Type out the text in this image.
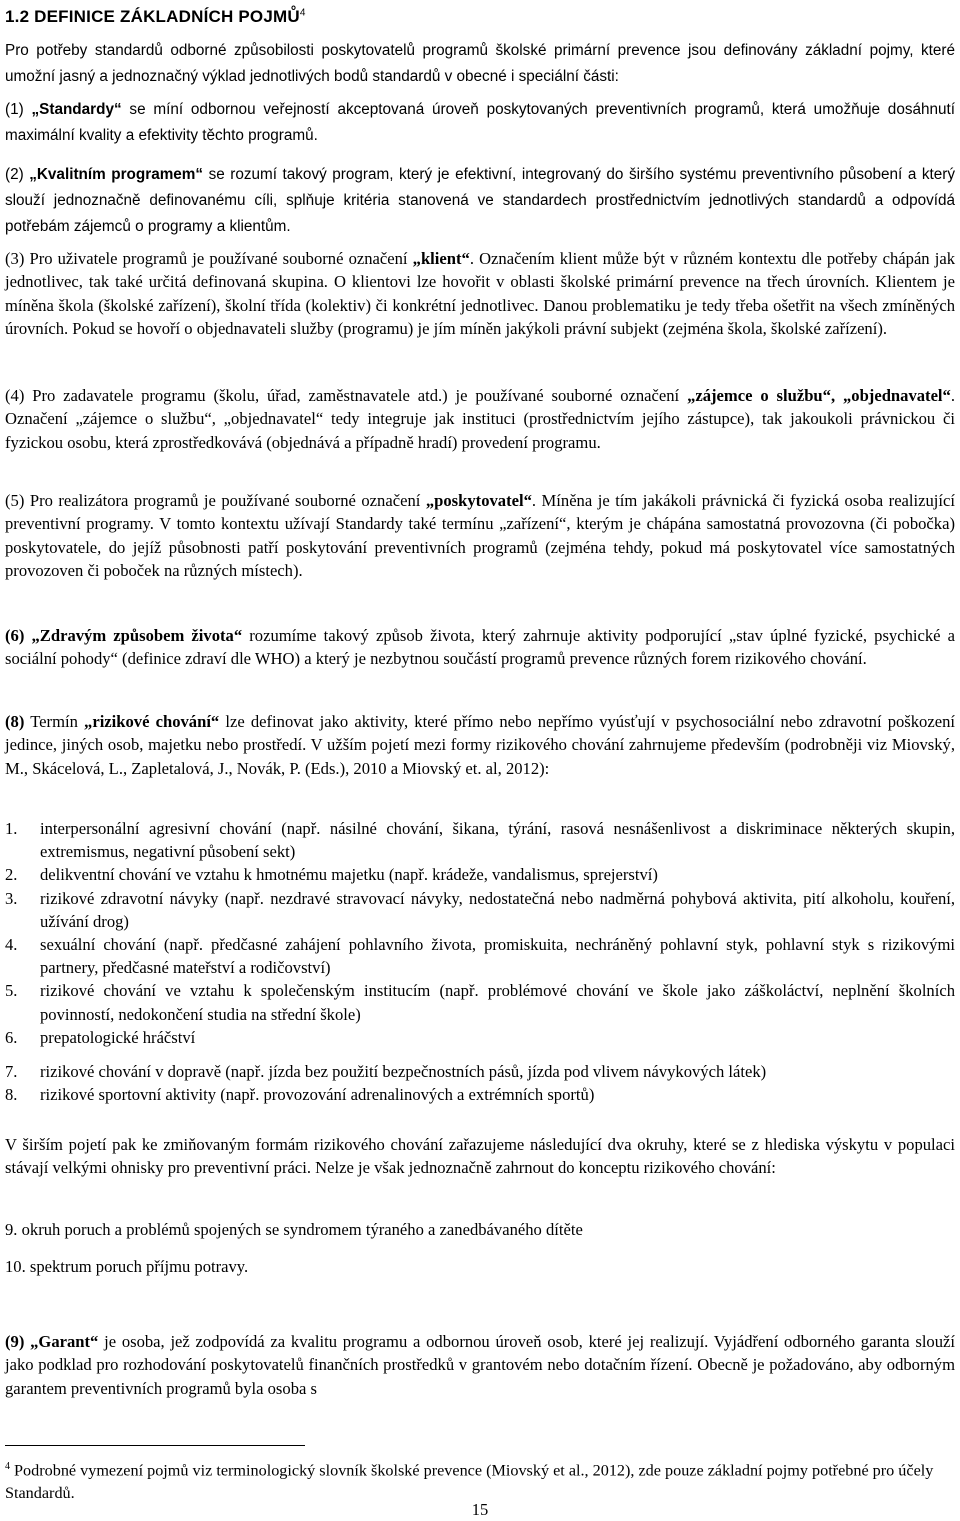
1.2 DEFINICE ZÁKLADNÍCH POJMŮ$^4$

Pro potřeby standardů odborné způsobilosti poskytovatelů programů školské primární prevence jsou definovány základní pojmy, které umožní jasný a jednoznačný výklad jednotlivých bodů standardů v obecné i speciální části:

(1) „Standardy“ se míní odbornou veřejností akceptovaná úroveň poskytovaných preventivních programů, která umožňuje dosáhnutí maximální kvality a efektivity těchto programů.

(2) „Kvalitním programem“ se rozumí takový program, který je efektivní, integrovaný do širšího systému preventivního působení a který slouží jednoznačně definovanému cíli, splňuje kritéria stanovená ve standardech prostřednictvím jednotlivých standardů a odpovídá potřebám zájemců o programy a klientům.

(3) Pro uživatele programů je používané souborné označení „klient“. Označením klient může být v různém kontextu dle potřeby chápán jak jednotlivec, tak také určitá definovaná skupina. O klientovi lze hovořit v oblasti školské primární prevence na třech úrovních. Klientem je míněna škola (školské zařízení), školní třída (kolektiv) či konkrétní jednotlivec. Danou problematiku je tedy třeba ošetřit na všech zmíněných úrovních. Pokud se hovoří o objednavateli služby (programu) je jím míněn jakýkoli právní subjekt (zejména škola, školské zařízení).

(4) Pro zadavatele programu (školu, úřad, zaměstnavatele atd.) je používané souborné označení „zájemce o službu“, „objednavatel“. Označení „zájemce o službu“, „objednavatel“ tedy integruje jak instituci (prostřednictvím jejího zástupce), tak jakoukoli právnickou či fyzickou osobu, která zprostředkovává (objednává a případně hradí) provedení programu.

(5) Pro realizátora programů je používané souborné označení „poskytovatel“. Míněna je tím jakákoli právnická či fyzická osoba realizující preventivní programy. V tomto kontextu užívají Standardy také termínu „zařízení“, kterým je chápána samostatná provozovna (či pobočka) poskytovatele, do jejíž působnosti patří poskytování preventivních programů (zejména tehdy, pokud má poskytovatel více samostatných provozoven či poboček na různých místech).

(6) „Zdravým způsobem života“ rozumíme takový způsob života, který zahrnuje aktivity podporující „stav úplné fyzické, psychické a sociální pohody“ (definice zdraví dle WHO) a který je nezbytnou součástí programů prevence různých forem rizikového chování.

(8) Termín „rizikové chování“ lze definovat jako aktivity, které přímo nebo nepřímo vyúsťují v psychosociální nebo zdravotní poškození jedince, jiných osob, majetku nebo prostředí. V užším pojetí mezi formy rizikového chování zahrnujeme především (podrobněji viz Miovský, M., Skácelová, L., Zapletalová, J., Novák, P. (Eds.), 2010 a Miovský et. al, 2012):

1. interpersonální agresivní chování (např. násilné chování, šikana, týrání, rasová nesnášenlivost a diskriminace některých skupin, extremismus, negativní působení sekt)
2. delikventní chování ve vztahu k hmotnému majetku (např. krádeže, vandalismus, sprejerství)
3. rizikové zdravotní návyky (např. nezdravé stravovací návyky, nedostatečná nebo nadměrná pohybová aktivita, pití alkoholu, kouření, užívání drog)
4. sexuální chování (např. předčasné zahájení pohlavního života, promiskuita, nechráněný pohlavní styk, pohlavní styk s rizikovými partnery, předčasné mateřství a rodičovství)
5. rizikové chování ve vztahu k společenským institucím (např. problémové chování ve škole jako záškoláctví, neplnění školních povinností, nedokončení studia na střední škole)
6. prepatologické hráčství
7. rizikové chování v dopravě (např. jízda bez použití bezpečnostních pásů, jízda pod vlivem návykových látek)
8. rizikové sportovní aktivity (např. provozování adrenalinových a extrémních sportů)

V širším pojetí pak ke zmiňovaným formám rizikového chování zařazujeme následující dva okruhy, které se z hlediska výskytu v populaci stávají velkými ohnisky pro preventivní práci. Nelze je však jednoznačně zahrnout do konceptu rizikového chování:

9. okruh poruch a problémů spojených se syndromem týraného a zanedbávaného dítěte

10. spektrum poruch příjmu potravy.

(9) „Garant“ je osoba, jež zodpovídá za kvalitu programu a odbornou úroveň osob, které jej realizují. Vyjádření odborného garanta slouží jako podklad pro rozhodování poskytovatelů finančních prostředků v grantovém nebo dotačním řízení. Obecně je požadováno, aby odborným garantem preventivních programů byla osoba s

$^4$ Podrobné vymezení pojmů viz terminologický slovník školské prevence (Miovský et al., 2012), zde pouze základní pojmy potřebné pro účely Standardů.

15
